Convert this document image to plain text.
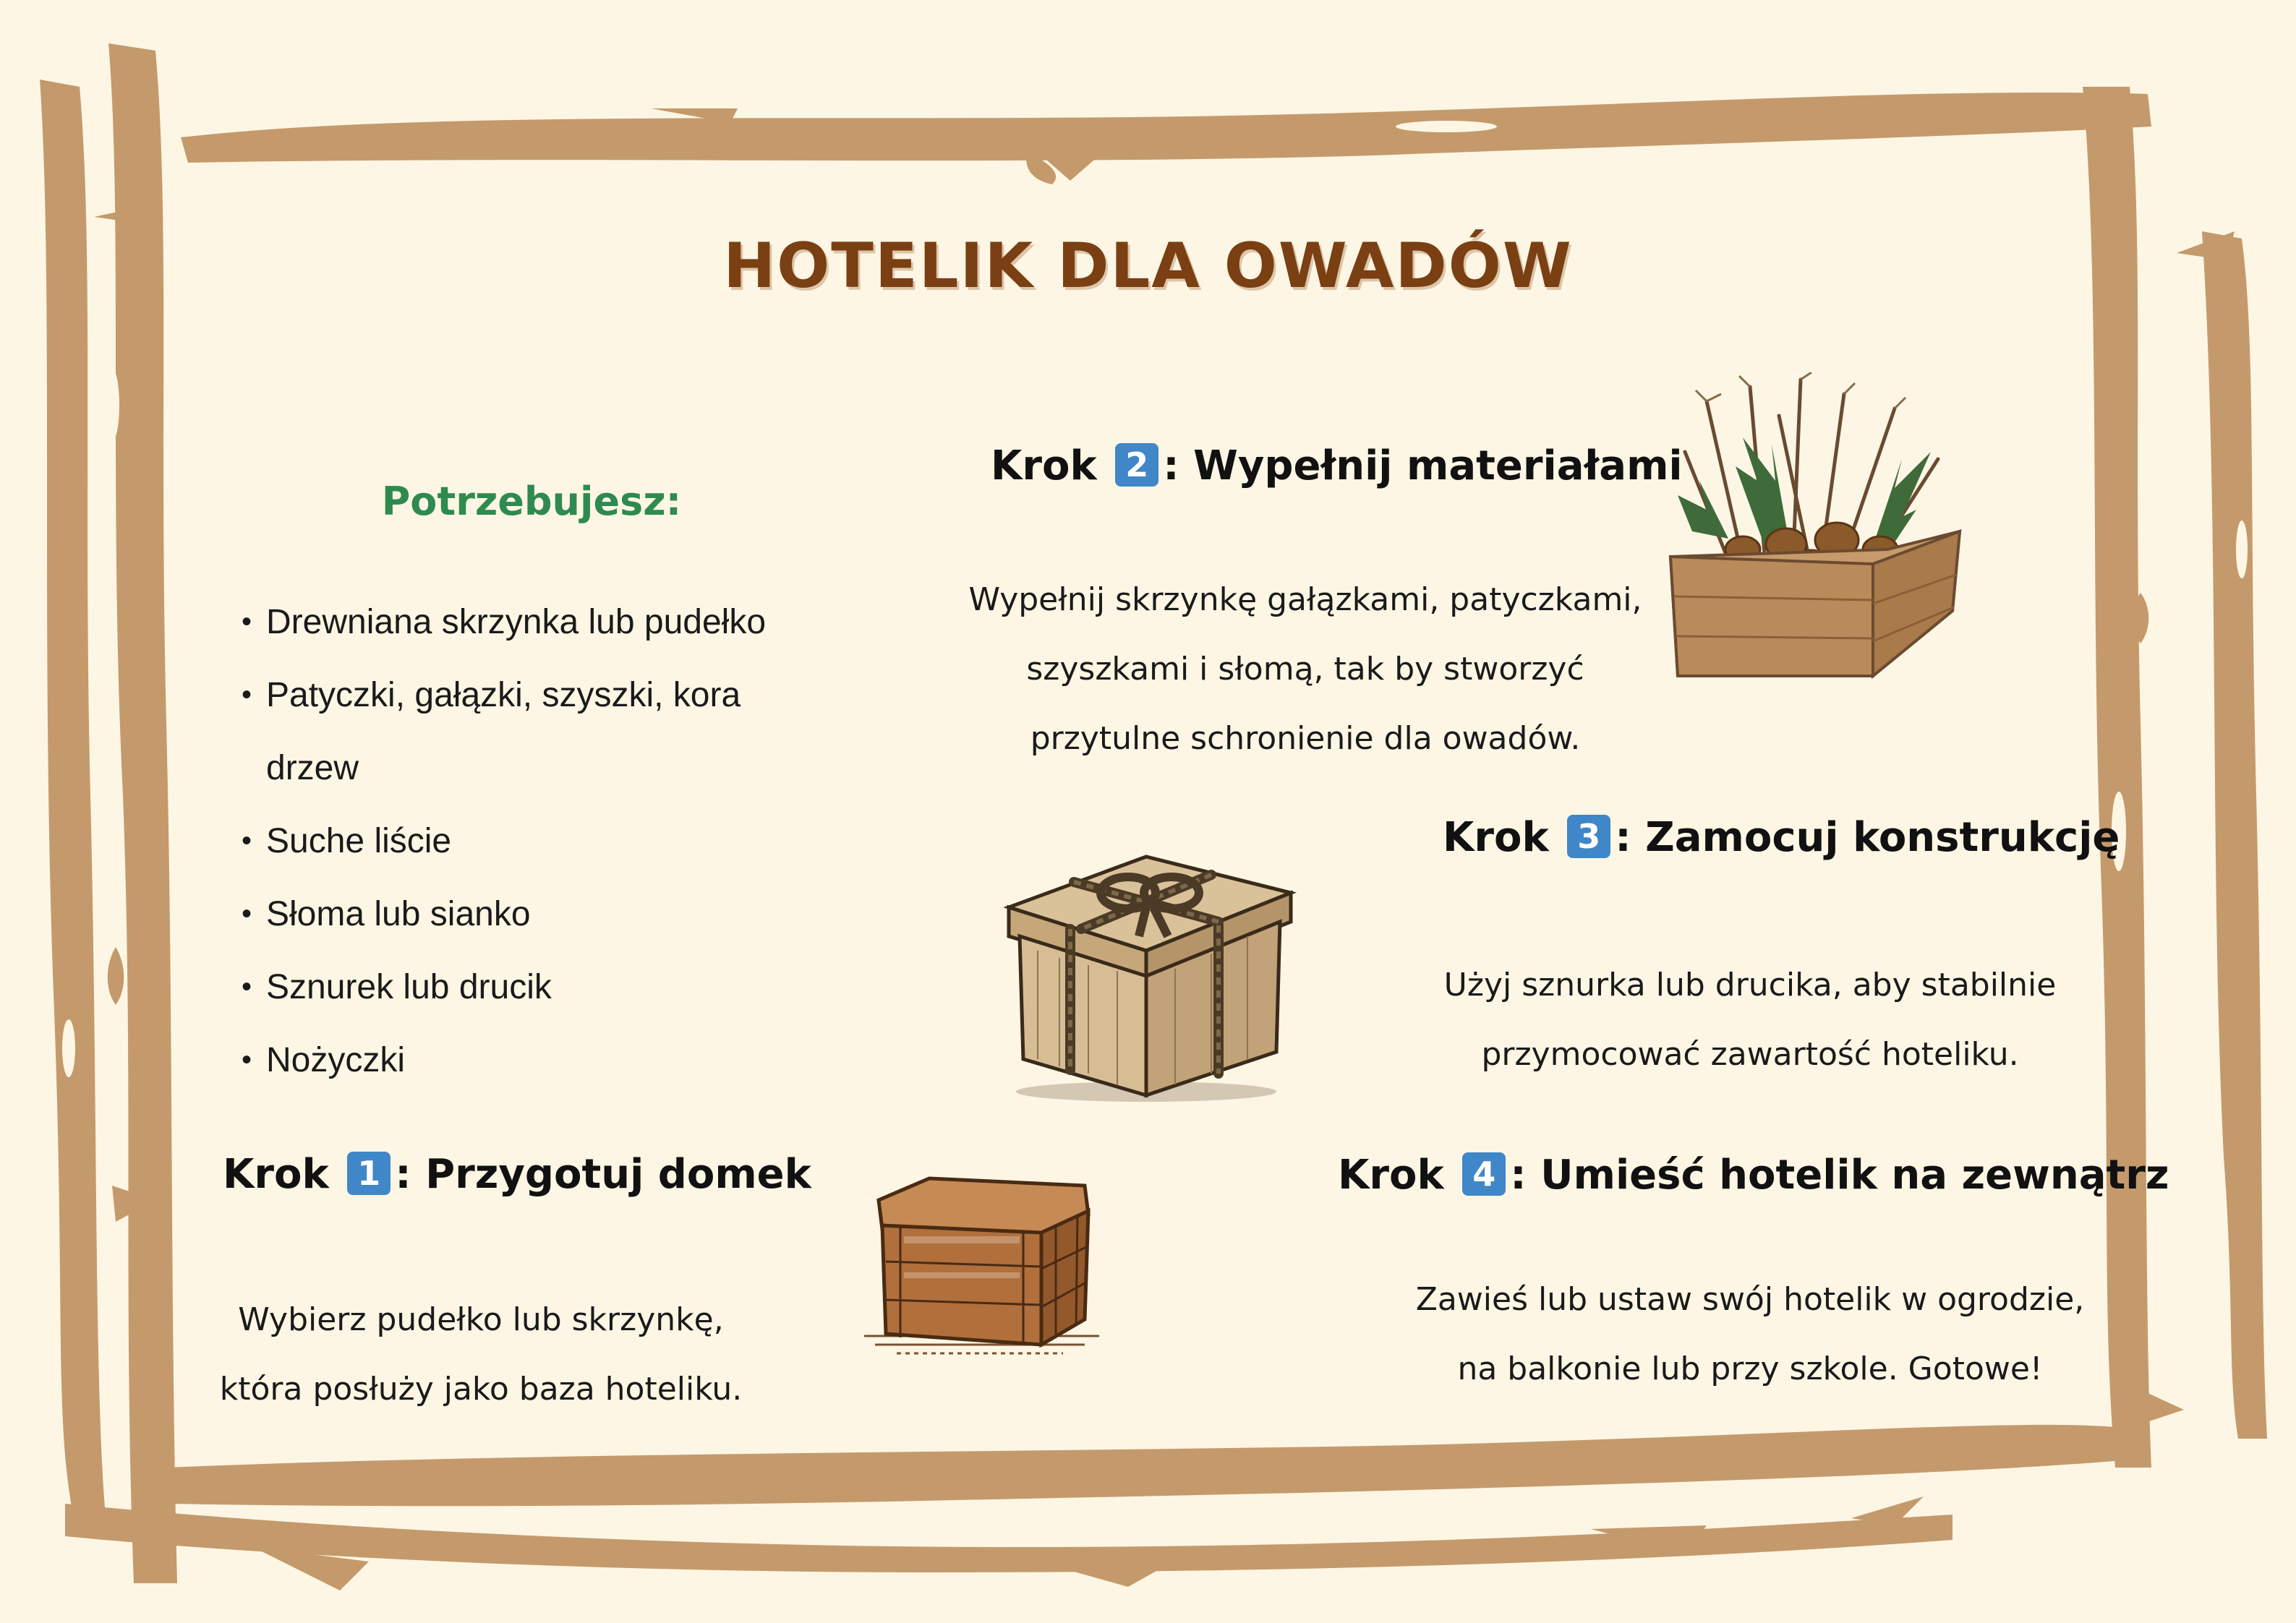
HOTELIK DLA OWADÓW
Potrzebujesz:
• Drewniana skrzynka lub pudełko
• Patyczki, gałązki, szyszki, kora
drzew
• Suche liście
• Słoma lub sianko
• Sznurek lub drucik
• Nożyczki
Krok 2 : Wypełnij materiałami
Wypełnij skrzynkę gałązkami, patyczkami,
szyszkami i słomą, tak by stworzyć
przytulne schronienie dla owadów.
Krok 3 : Zamocuj konstrukcję
Użyj sznurka lub drucika, aby stabilnie
przymocować zawartość hoteliku.
Krok 1 : Przygotuj domek
Wybierz pudełko lub skrzynkę,
która posłuży jako baza hoteliku.
Krok 4 : Umieść hotelik na zewnątrz
Zawieś lub ustaw swój hotelik w ogrodzie,
na balkonie lub przy szkole. Gotowe!
